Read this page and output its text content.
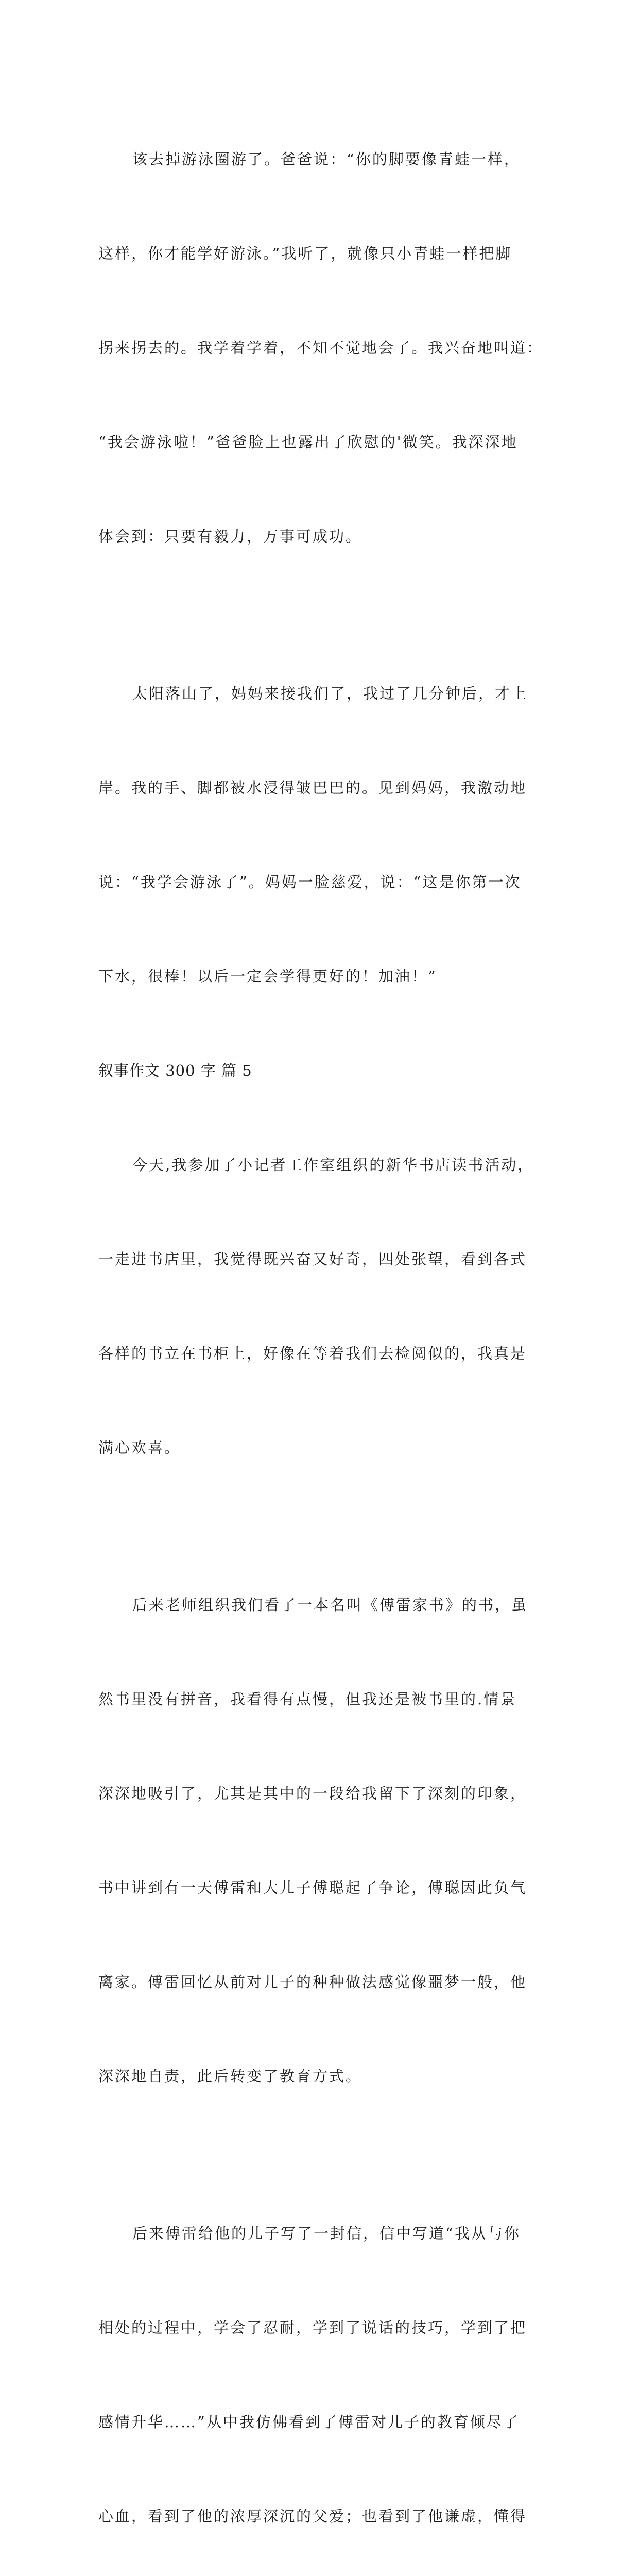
该去掉游泳圈游了。爸爸说：“你的脚要像青蛙一样，

这样，你才能学好游泳。”我听了，就像只小青蛙一样把脚

拐来拐去的。我学着学着，不知不觉地会了。我兴奋地叫道：

“我会游泳啦！”爸爸脸上也露出了欣慰的'微笑。我深深地

体会到：只要有毅力，万事可成功。

太阳落山了，妈妈来接我们了，我过了几分钟后，才上

岸。我的手、脚都被水浸得皱巴巴的。见到妈妈，我激动地

说：“我学会游泳了”。妈妈一脸慈爱，说：“这是你第一次

下水，很棒！以后一定会学得更好的！加油！”

叙事作文 300 字 篇 5

今天,我参加了小记者工作室组织的新华书店读书活动，

一走进书店里，我觉得既兴奋又好奇，四处张望，看到各式

各样的书立在书柜上，好像在等着我们去检阅似的，我真是

满心欢喜。

后来老师组织我们看了一本名叫《傅雷家书》的书，虽

然书里没有拼音，我看得有点慢，但我还是被书里的.情景

深深地吸引了，尤其是其中的一段给我留下了深刻的印象，

书中讲到有一天傅雷和大儿子傅聪起了争论，傅聪因此负气

离家。傅雷回忆从前对儿子的种种做法感觉像噩梦一般，他

深深地自责，此后转变了教育方式。

后来傅雷给他的儿子写了一封信，信中写道“我从与你

相处的过程中，学会了忍耐，学到了说话的技巧，学到了把

感情升华……”从中我仿佛看到了傅雷对儿子的教育倾尽了

心血，看到了他的浓厚深沉的父爱；也看到了他谦虚，懂得
